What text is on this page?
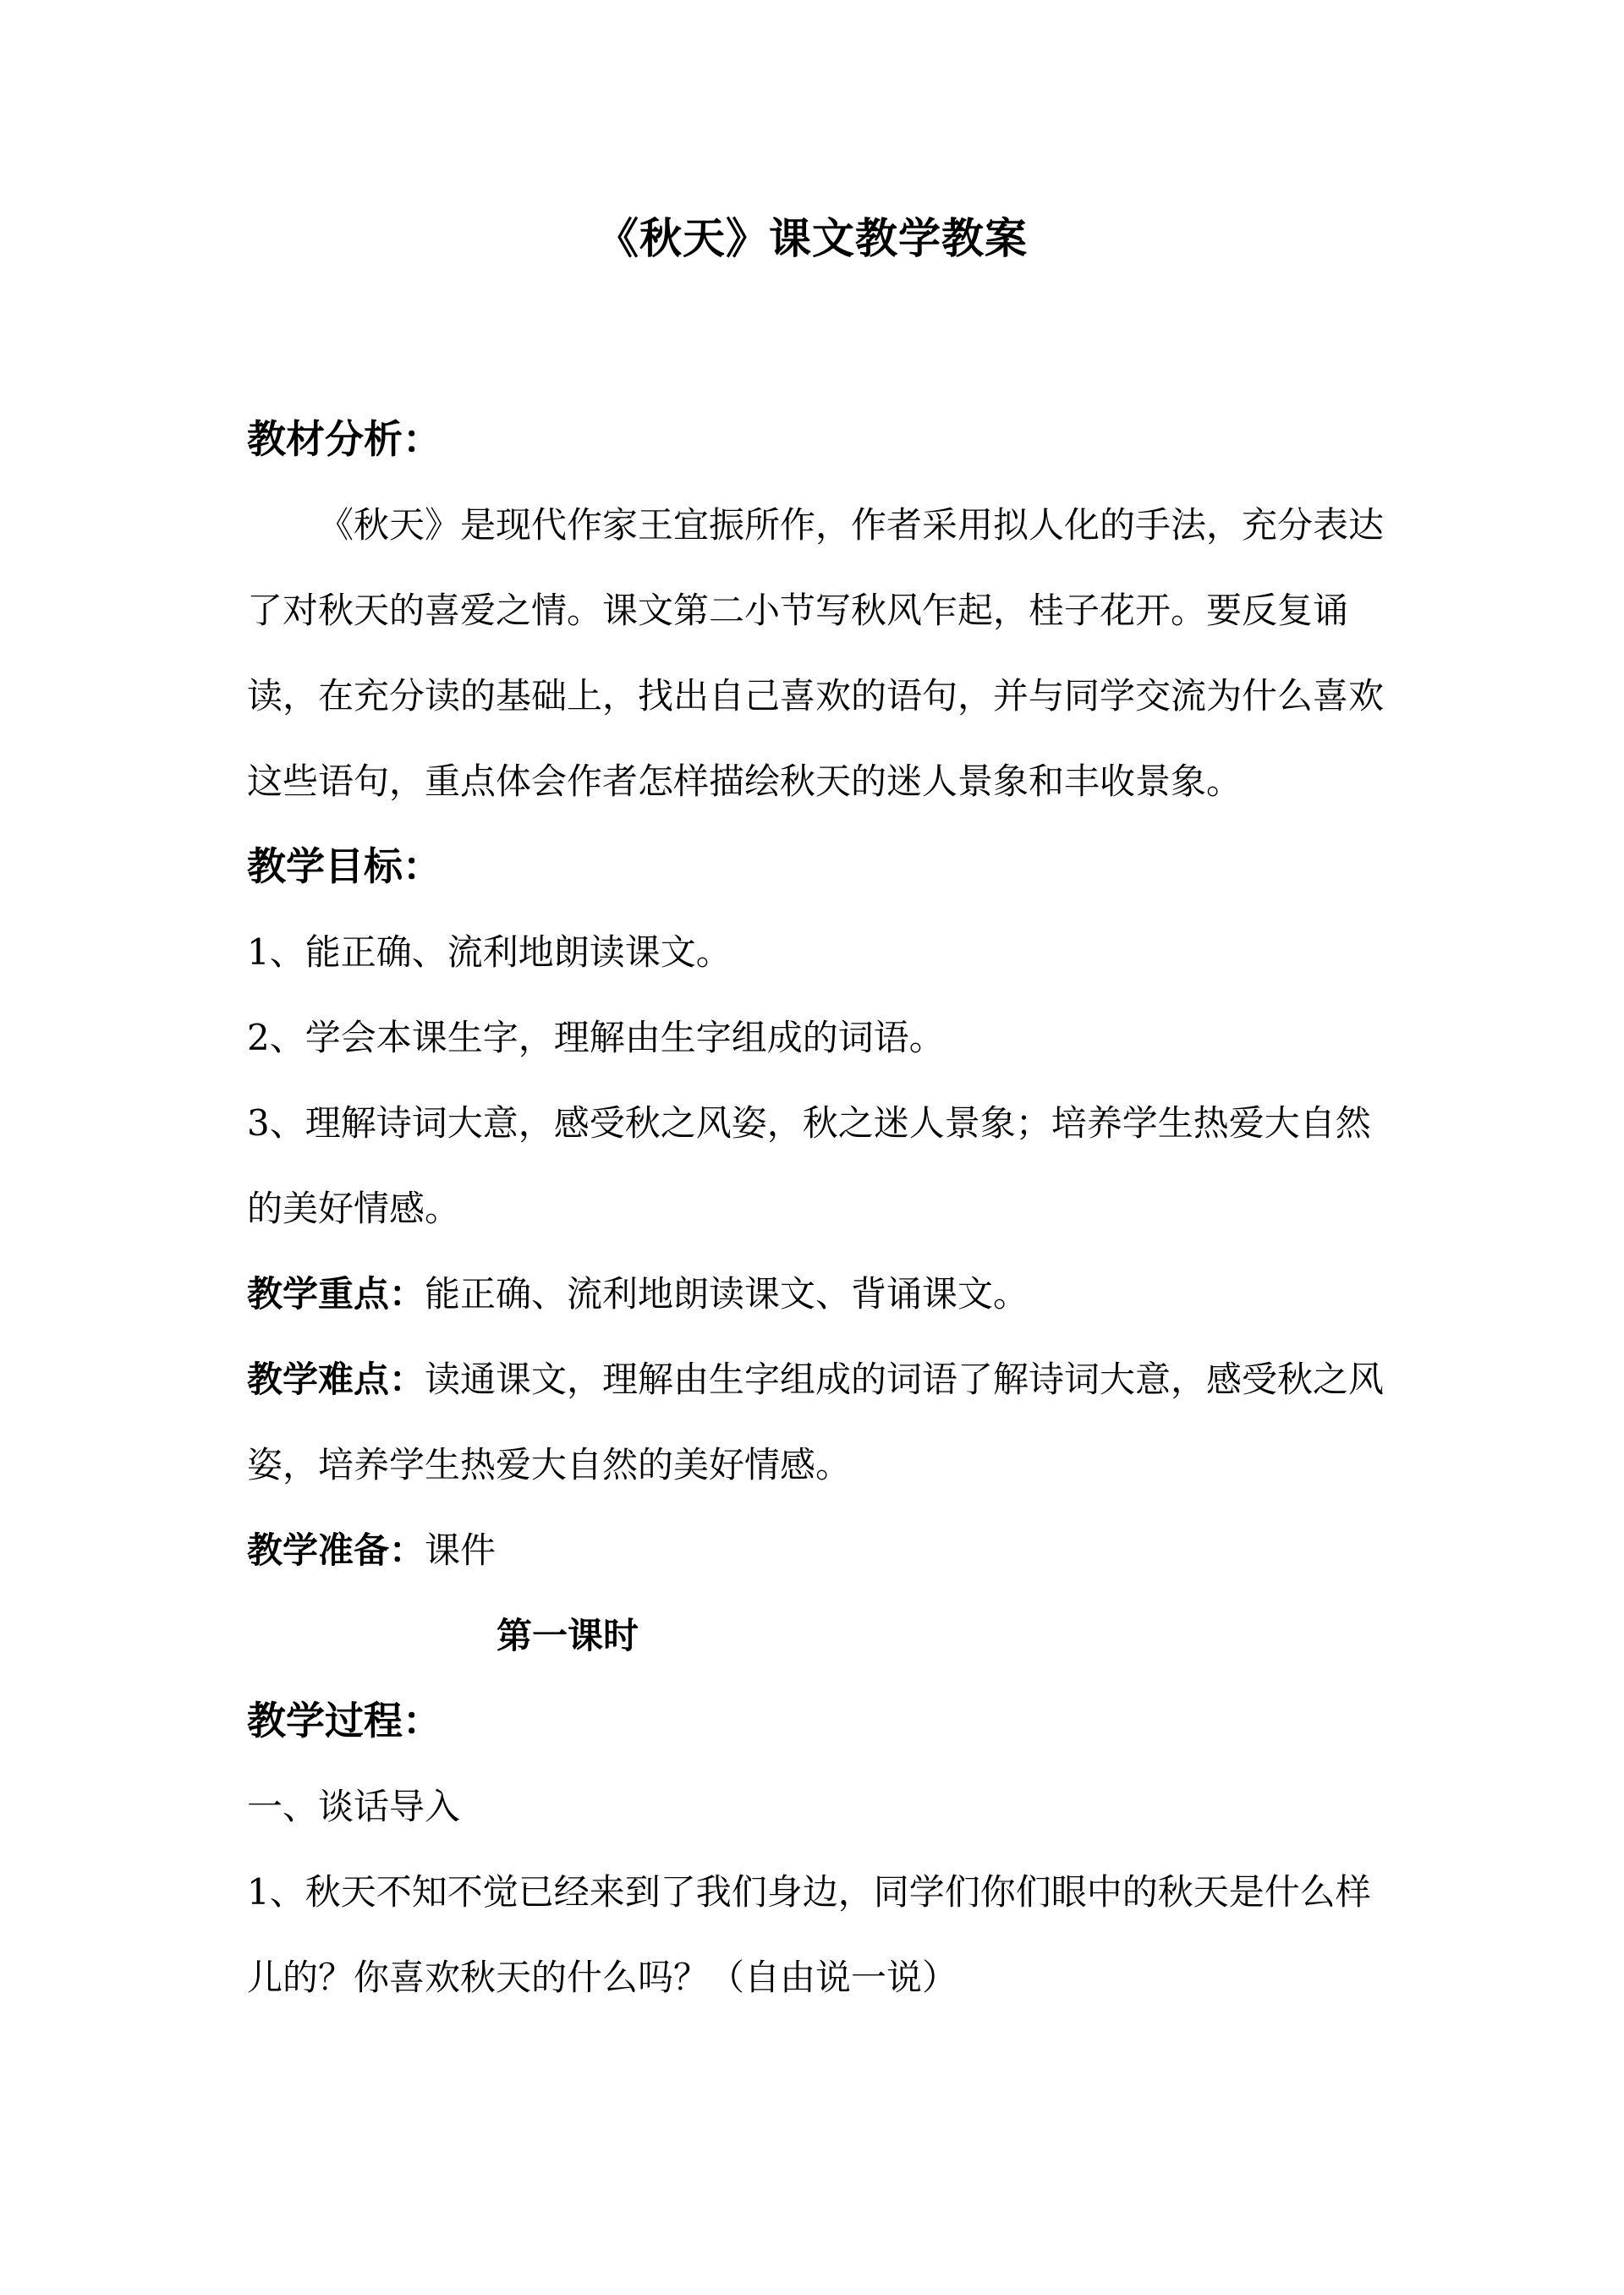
《秋天》课文教学教案

教材分析：

《秋天》是现代作家王宜振所作，作者采用拟人化的手法，充分表达了对秋天的喜爱之情。课文第二小节写秋风乍起，桂子花开。要反复诵读，在充分读的基础上，找出自己喜欢的语句，并与同学交流为什么喜欢这些语句，重点体会作者怎样描绘秋天的迷人景象和丰收景象。

教学目标：

1、能正确、流利地朗读课文。

2、学会本课生字，理解由生字组成的词语。

3、理解诗词大意，感受秋之风姿，秋之迷人景象；培养学生热爱大自然的美好情感。

教学重点：能正确、流利地朗读课文、背诵课文。

教学难点：读通课文，理解由生字组成的词语了解诗词大意，感受秋之风姿，培养学生热爱大自然的美好情感。

教学准备：课件

第一课时

教学过程：

一、谈话导入

1、秋天不知不觉已经来到了我们身边，同学们你们眼中的秋天是什么样儿的？你喜欢秋天的什么吗？（自由说一说）
